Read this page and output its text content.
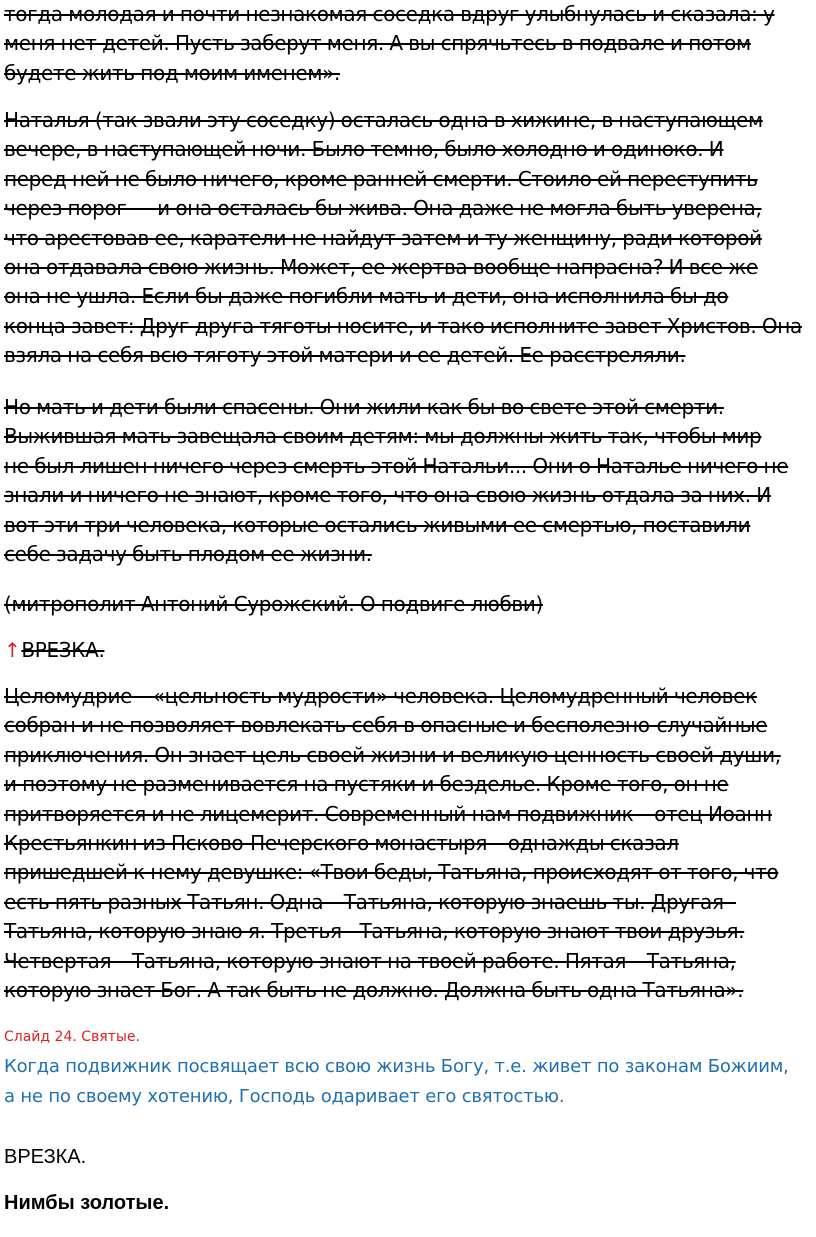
тогда молодая и почти незнакомая соседка вдруг улыбнулась и сказала: у
меня нет детей. Пусть заберут меня. А вы спрячьтесь в подвале и потом
будете жить под моим именем».

Наталья (так звали эту соседку) осталась одна в хижине, в наступающем
вечере, в наступающей ночи. Было темно, было холодно и одиноко. И
перед ней не было ничего, кроме ранней смерти. Стоило ей переступить
через порог — и она осталась бы жива. Она даже не могла быть уверена,
что арестовав ее, каратели не найдут затем и ту женщину, ради которой
она отдавала свою жизнь. Может, ее жертва вообще напрасна? И все же
она не ушла. Если бы даже погибли мать и дети, она исполнила бы до
конца завет: Друг друга тяготы носите, и тако исполните завет Христов. Она
взяла на себя всю тяготу этой матери и ее детей. Ее расстреляли.

Но мать и дети были спасены. Они жили как бы во свете этой смерти.
Выжившая мать завещала своим детям: мы должны жить так, чтобы мир
не был лишен ничего через смерть этой Натальи... Они о Наталье ничего не
знали и ничего не знают, кроме того, что она свою жизнь отдала за них. И
вот эти три человека, которые остались живыми ее смертью, поставили
себе задачу быть плодом ее жизни.

(митрополит Антоний Сурожский. О подвиге любви)

↑ВРЕЗКА.

Целомудрие – «цельность мудрости» человека. Целомудренный человек
собран и не позволяет вовлекать себя в опасные и бесполезно-случайные
приключения. Он знает цель своей жизни и великую ценность своей души,
и поэтому не разменивается на пустяки и безделье. Кроме того, он не
притворяется и не лицемерит. Современный нам подвижник – отец Иоанн
Крестьянкин из Псково-Печерского монастыря – однажды сказал
пришедшей к нему девушке: «Твои беды, Татьяна, происходят от того, что
есть пять разных Татьян. Одна – Татьяна, которую знаешь ты. Другая -
Татьяна, которую знаю я. Третья - Татьяна, которую знают твои друзья.
Четвертая – Татьяна, которую знают на твоей работе. Пятая – Татьяна,
которую знает Бог. А так быть не должно. Должна быть одна Татьяна».

Слайд 24. Святые.

Когда подвижник посвящает всю свою жизнь Богу, т.е. живет по законам Божиим,
а не по своему хотению, Господь одаривает его святостью.

ВРЕЗКА.

Нимбы золотые.
